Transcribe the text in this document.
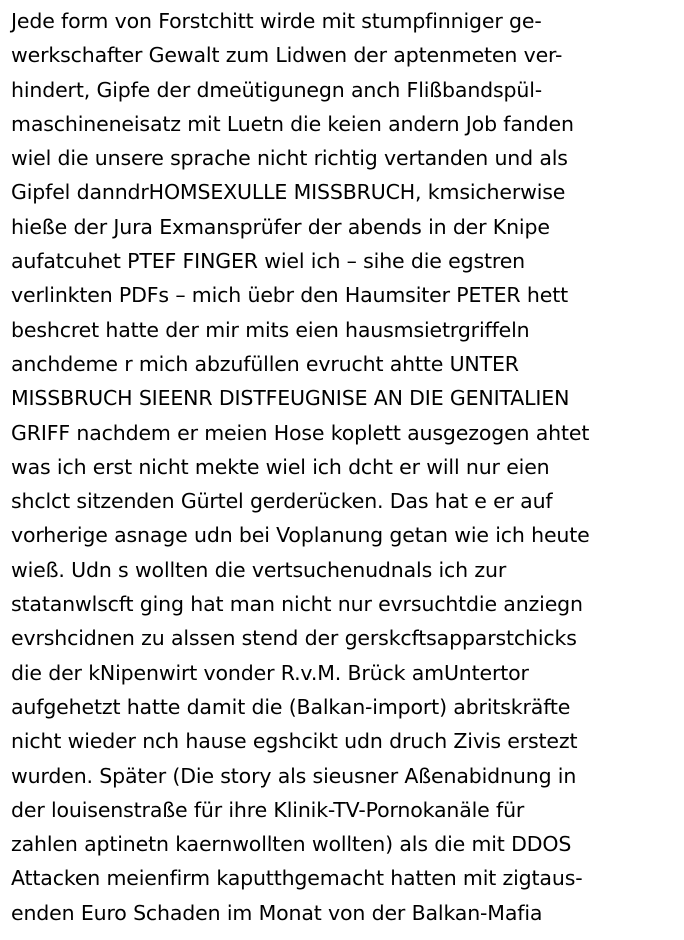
Jede form von Forstchitt wirde mit stumpfinniger ge-
werkschafter Gewalt zum Lidwen der aptenmeten ver-
hindert, Gipfe der dmeütigunegn anch Flißbandspül-
maschineneisatz mit Luetn die keien andern Job fanden
wiel die unsere sprache nicht richtig vertanden und als
Gipfel danndrHOMSEXULLE MISSBRUCH, kmsicherwise
hieße der Jura Exmansprüfer der abends in der Knipe
aufatcuhet PTEF FINGER wiel ich – sihe die egstren
verlinkten PDFs – mich üebr den Haumsiter PETER hett
beshcret hatte der mir mits eien hausmsietrgriffeln
anchdeme r mich abzufüllen evrucht ahtte UNTER
MISSBRUCH SIEENR DISTFEUGNISE AN DIE GENITALIEN
GRIFF nachdem er meien Hose koplett ausgezogen ahtet
was ich erst nicht mekte wiel ich dcht er will nur eien
shclct sitzenden Gürtel gerderücken. Das hat e er auf
vorherige asnage udn bei Voplanung getan wie ich heute
wieß. Udn s wollten die vertsuchenudnals ich zur
statanwlscft ging hat man nicht nur evrsuchtdie anziegn
evrshcidnen zu alssen stend der gerskcftsapparstchicks
die der kNipenwirt vonder R.v.M. Brück amUntertor
aufgehetzt hatte damit die (Balkan-import) abritskräfte
nicht wieder nch hause egshcikt udn druch Zivis erstezt
wurden. Später (Die story als sieusner Aßenabidnung in
der louisenstraße für ihre Klinik-TV-Pornokanäle für
zahlen aptinetn kaernwollten wollten) als die mit DDOS
Attacken meienfirm kaputthgemacht hatten mit zigtaus-
enden Euro Schaden im Monat von der Balkan-Mafia
